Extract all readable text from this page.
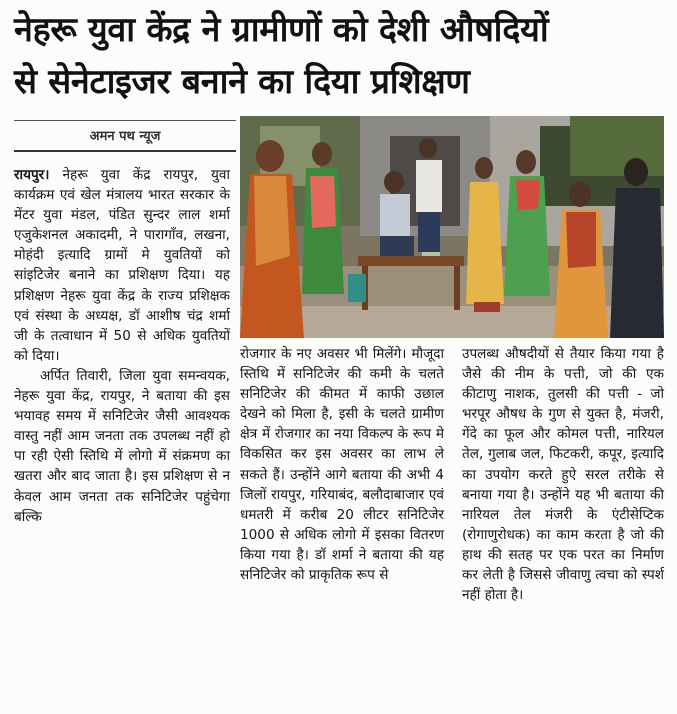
नेहरू युवा केंद्र ने ग्रामीणों को देशी औषदियों
से सेनेटाइजर बनाने का दिया प्रशिक्षण
अमन पथ न्यूज

रायपुर। नेहरू युवा केंद्र रायपुर, युवा कार्यक्रम एवं खेल मंत्रालय भारत सरकार के मेंटर युवा मंडल, पंडित सुन्दर लाल शर्मा एजुकेशनल अकादमी, ने पारागाँव, लखना, मोहंदी इत्यादि ग्रामों मे युवतियों को सांइटिजेर बनाने का प्रशिक्षण दिया। यह प्रशिक्षण नेहरू युवा केंद्र के राज्य प्रशिक्षक एवं संस्था के अध्यक्ष, डॉ आशीष चंद्र शर्मा जी के तत्वाधान में 50 से अधिक युवतियों को दिया।

अर्पित तिवारी, जिला युवा समन्वयक, नेहरू युवा केंद्र, रायपुर, ने बताया की इस भयावह समय में सनिटिजेर जैसी आवश्यक वास्तु नहीं आम जनता तक उपलब्ध नहीं हो पा रही ऐसी स्तिथि में लोगो में संक्रमण का खतरा और बाद जाता है। इस प्रशिक्षण से न केवल आम जनता तक सनिटिजेर पहुंचेगा बल्कि

रोजगार के नए अवसर भी मिलेंगे। मौजूदा स्तिथि में सनिटिजेर की कमी के चलते सनिटिजेर की कीमत में काफी उछाल देखने को मिला है, इसी के चलते ग्रामीण क्षेत्र में रोजगार का नया विकल्प के रूप मे विकसित कर इस अवसर का लाभ ले सकते हैं। उन्होंने आगे बताया की अभी 4 जिलों रायपुर, गरियाबंद, बलौदाबाजार एवं धमतरी में करीब 20 लीटर सनिटिजेर 1000 से अधिक लोगो में इसका वितरण किया गया है। डॉ शर्मा ने बताया की यह सनिटिजेर को प्राकृतिक रूप से

उपलब्ध औषदीयों से तैयार किया गया है जैसे की नीम के पत्ती, जो की एक कीटाणु नाशक, तुलसी की पत्ती - जो भरपूर औषध के गुण से युक्त है, मंजरी, गेंदे का फूल और कोमल पत्ती, नारियल तेल, गुलाब जल, फिटकरी, कपूर, इत्यादि का उपयोग करते हुऐ सरल तरीके से बनाया गया है। उन्होंने यह भी बताया की नारियल तेल मंजरी के एंटीसेप्टिक (रोगाणुरोधक) का काम करता है जो की हाथ की सतह पर एक परत का निर्माण कर लेती है जिससे जीवाणु त्वचा को स्पर्श नहीं होता है।
